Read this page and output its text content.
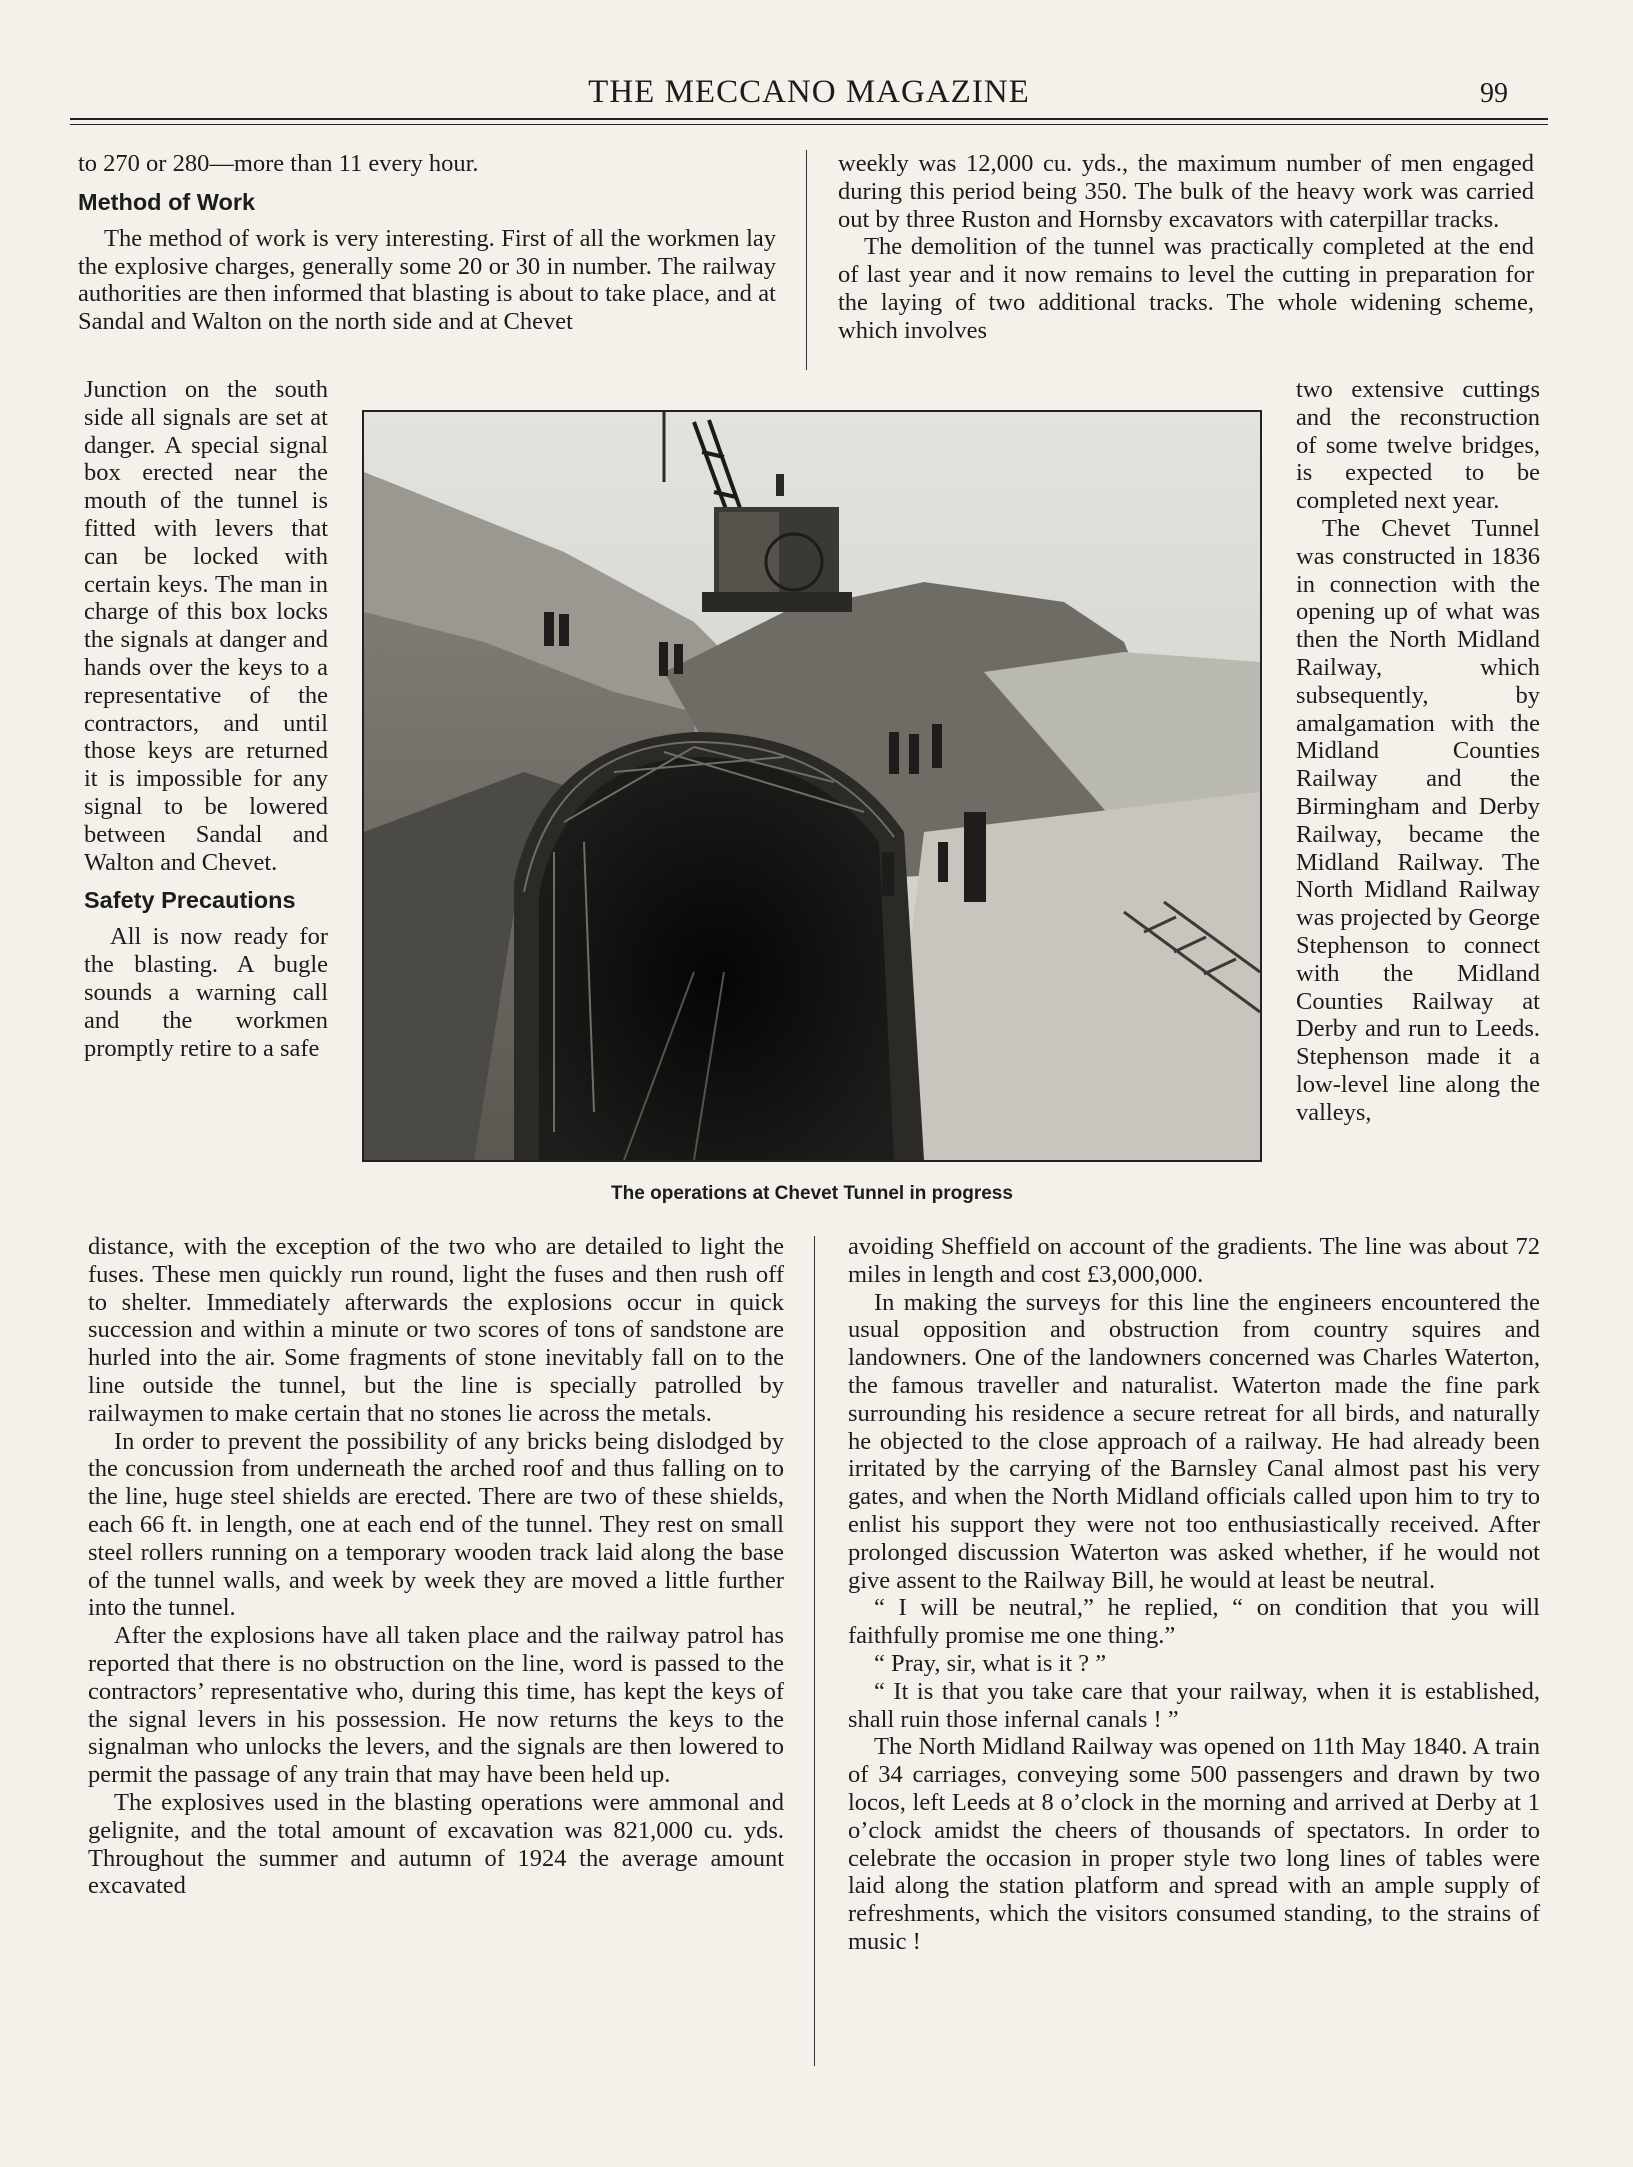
THE MECCANO MAGAZINE	99

to 270 or 280—more than 11 every hour.

Method of Work

The method of work is very interesting. First of all the workmen lay the explosive charges, generally some 20 or 30 in number. The railway authorities are then informed that blasting is about to take place, and at Sandal and Walton on the north side and at Chevet

Junction on the south side all signals are set at danger. A special signal box erected near the mouth of the tunnel is fitted with levers that can be locked with certain keys. The man in charge of this box locks the signals at danger and hands over the keys to a representative of the contractors, and until those keys are returned it is impossible for any signal to be lowered between Sandal and Walton and Chevet.

Safety Precautions

All is now ready for the blasting. A bugle sounds a warning call and the workmen promptly retire to a safe

distance, with the exception of the two who are detailed to light the fuses. These men quickly run round, light the fuses and then rush off to shelter. Immediately afterwards the explosions occur in quick succession and within a minute or two scores of tons of sandstone are hurled into the air. Some fragments of stone inevitably fall on to the line outside the tunnel, but the line is specially patrolled by railwaymen to make certain that no stones lie across the metals.

In order to prevent the possibility of any bricks being dislodged by the concussion from underneath the arched roof and thus falling on to the line, huge steel shields are erected. There are two of these shields, each 66 ft. in length, one at each end of the tunnel. They rest on small steel rollers running on a temporary wooden track laid along the base of the tunnel walls, and week by week they are moved a little further into the tunnel.

After the explosions have all taken place and the railway patrol has reported that there is no obstruction on the line, word is passed to the contractors’ representative who, during this time, has kept the keys of the signal levers in his possession. He now returns the keys to the signalman who unlocks the levers, and the signals are then lowered to permit the passage of any train that may have been held up.

The explosives used in the blasting operations were ammonal and gelignite, and the total amount of excavation was 821,000 cu. yds. Throughout the summer and autumn of 1924 the average amount excavated

weekly was 12,000 cu. yds., the maximum number of men engaged during this period being 350. The bulk of the heavy work was carried out by three Ruston and Hornsby excavators with caterpillar tracks.

The demolition of the tunnel was practically completed at the end of last year and it now remains to level the cutting in preparation for the laying of two additional tracks. The whole widening scheme, which involves

two extensive cuttings and the reconstruction of some twelve bridges, is expected to be completed next year.

The Chevet Tunnel was constructed in 1836 in connection with the opening up of what was then the North Midland Railway, which subsequently, by amalgamation with the Midland Counties Railway and the Birmingham and Derby Railway, became the Midland Railway. The North Midland Railway was projected by George Stephenson to connect with the Midland Counties Railway at Derby and run to Leeds. Stephenson made it a low-level line along the valleys,

avoiding Sheffield on account of the gradients. The line was about 72 miles in length and cost £3,000,000.

In making the surveys for this line the engineers encountered the usual opposition and obstruction from country squires and landowners. One of the landowners concerned was Charles Waterton, the famous traveller and naturalist. Waterton made the fine park surrounding his residence a secure retreat for all birds, and naturally he objected to the close approach of a railway. He had already been irritated by the carrying of the Barnsley Canal almost past his very gates, and when the North Midland officials called upon him to try to enlist his support they were not too enthusiastically received. After prolonged discussion Waterton was asked whether, if he would not give assent to the Railway Bill, he would at least be neutral.

“ I will be neutral,” he replied, “ on condition that you will faithfully promise me one thing.”

“ Pray, sir, what is it ? ”

“ It is that you take care that your railway, when it is established, shall ruin those infernal canals ! ”

The North Midland Railway was opened on 11th May 1840. A train of 34 carriages, conveying some 500 passengers and drawn by two locos, left Leeds at 8 o’clock in the morning and arrived at Derby at 1 o’clock amidst the cheers of thousands of spectators. In order to celebrate the occasion in proper style two long lines of tables were laid along the station platform and spread with an ample supply of refreshments, which the visitors consumed standing, to the strains of music !

The operations at Chevet Tunnel in progress
